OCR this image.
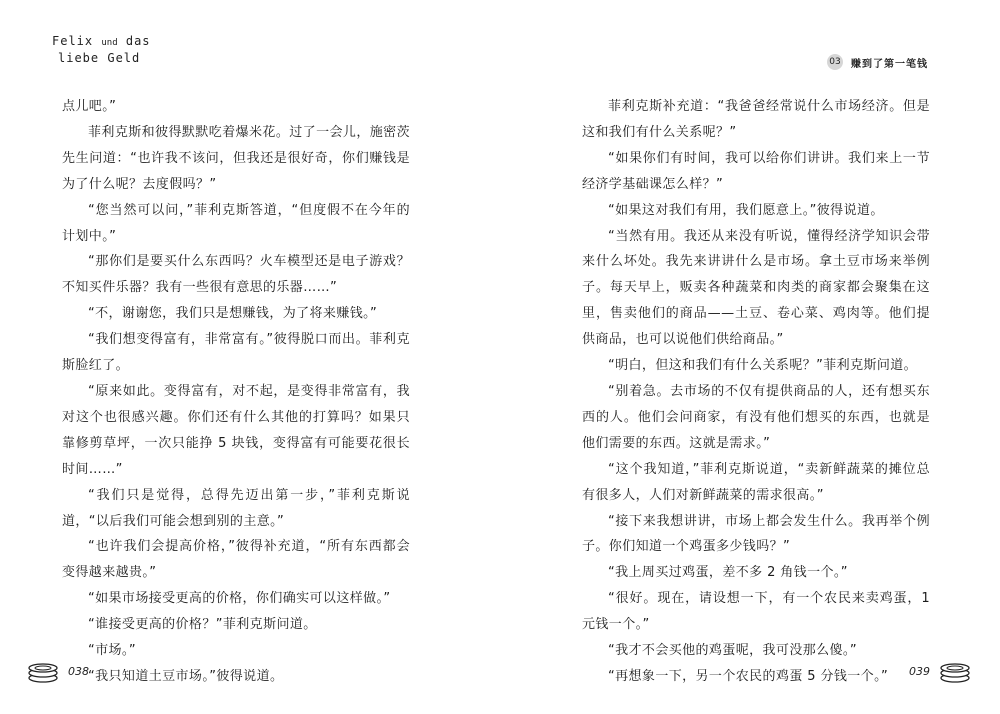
Felix und das
liebe Geld

点儿吧。”

菲利克斯和彼得默默吃着爆米花。过了一会儿，施密茨先生问道：“也许我不该问，但我还是很好奇，你们赚钱是为了什么呢？去度假吗？”

“您当然可以问，”菲利克斯答道，“但度假不在今年的计划中。”

“那你们是要买什么东西吗？火车模型还是电子游戏？不知买件乐器？我有一些很有意思的乐器……”

“不，谢谢您，我们只是想赚钱，为了将来赚钱。”

“我们想变得富有，非常富有。”彼得脱口而出。菲利克斯脸红了。

“原来如此。变得富有，对不起，是变得非常富有，我对这个也很感兴趣。你们还有什么其他的打算吗？如果只靠修剪草坪，一次只能挣 5 块钱，变得富有可能要花很长时间……”

“我们只是觉得，总得先迈出第一步，”菲利克斯说道，“以后我们可能会想到别的主意。”

“也许我们会提高价格，”彼得补充道，“所有东西都会变得越来越贵。”

“如果市场接受更高的价格，你们确实可以这样做。”

“谁接受更高的价格？”菲利克斯问道。

“市场。”

“我只知道土豆市场。”彼得说道。

038
03 赚到了第一笔钱

菲利克斯补充道：“我爸爸经常说什么市场经济。但是这和我们有什么关系呢？”

“如果你们有时间，我可以给你们讲讲。我们来上一节经济学基础课怎么样？”

“如果这对我们有用，我们愿意上。”彼得说道。

“当然有用。我还从来没有听说，懂得经济学知识会带来什么坏处。我先来讲讲什么是市场。拿土豆市场来举例子。每天早上，贩卖各种蔬菜和肉类的商家都会聚集在这里，售卖他们的商品——土豆、卷心菜、鸡肉等。他们提供商品，也可以说他们供给商品。”

“明白，但这和我们有什么关系呢？”菲利克斯问道。

“别着急。去市场的不仅有提供商品的人，还有想买东西的人。他们会问商家，有没有他们想买的东西，也就是他们需要的东西。这就是需求。”

“这个我知道，”菲利克斯说道，“卖新鲜蔬菜的摊位总有很多人，人们对新鲜蔬菜的需求很高。”

“接下来我想讲讲，市场上都会发生什么。我再举个例子。你们知道一个鸡蛋多少钱吗？”

“我上周买过鸡蛋，差不多 2 角钱一个。”

“很好。现在，请设想一下，有一个农民来卖鸡蛋，1 元钱一个。”

“我才不会买他的鸡蛋呢，我可没那么傻。”

“再想象一下，另一个农民的鸡蛋 5 分钱一个。”	039
